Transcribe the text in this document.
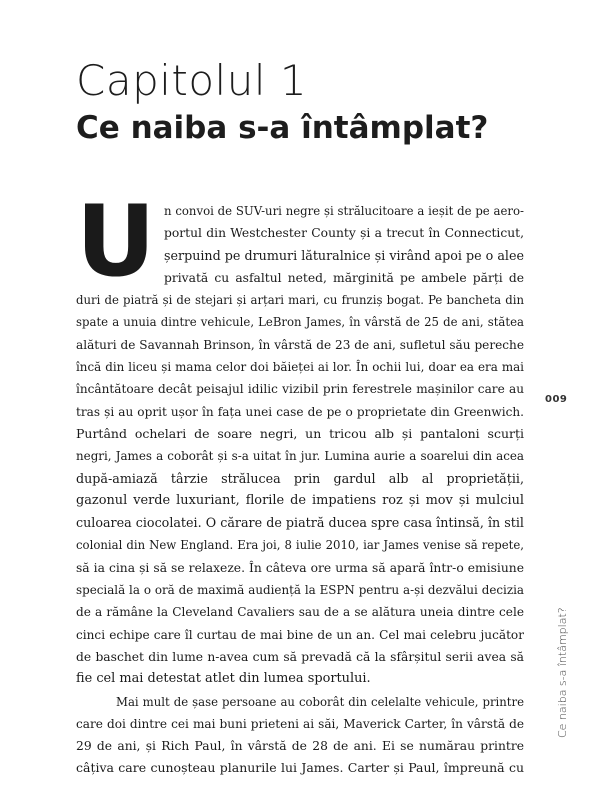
Capitolul 1
Ce naiba s-a întâmplat?
U n convoi de SUV-uri negre și strălucitoare a ieșit de pe aero-
portul din Westchester County și a trecut în Connecticut,
șerpuind pe drumuri lăturalnice și virând apoi pe o alee
privată cu asfaltul neted, mărginită pe ambele părți de
duri de piatră și de stejari și arțari mari, cu frunziș bogat. Pe bancheta din
spate a unuia dintre vehicule, LeBron James, în vârstă de 25 de ani, stătea
alături de Savannah Brinson, în vârstă de 23 de ani, sufletul său pereche
încă din liceu și mama celor doi băieței ai lor. În ochii lui, doar ea era mai
încântătoare decât peisajul idilic vizibil prin ferestrele mașinilor care au
tras și au oprit ușor în fața unei case de pe o proprietate din Greenwich.
Purtând ochelari de soare negri, un tricou alb și pantaloni scurți
negri, James a coborât și s-a uitat în jur. Lumina aurie a soarelui din acea
după-amiază târzie strălucea prin gardul alb al proprietății,
gazonul verde luxuriant, florile de impatiens roz și mov și mulciul
culoarea ciocolatei. O cărare de piatră ducea spre casa întinsă, în stil
colonial din New England. Era joi, 8 iulie 2010, iar James venise să repete,
să ia cina și să se relaxeze. În câteva ore urma să apară într-o emisiune
specială la o oră de maximă audiență la ESPN pentru a-și dezvălui decizia
de a rămâne la Cleveland Cavaliers sau de a se alătura uneia dintre cele
cinci echipe care îl curtau de mai bine de un an. Cel mai celebru jucător
de baschet din lume n-avea cum să prevadă că la sfârșitul serii avea să
fie cel mai detestat atlet din lumea sportului.
Mai mult de șase persoane au coborât din celelalte vehicule, printre
care doi dintre cei mai buni prieteni ai săi, Maverick Carter, în vârstă de
29 de ani, și Rich Paul, în vârstă de 28 de ani. Ei se numărau printre
câțiva care cunoșteau planurile lui James. Carter și Paul, împreună cu
009
Ce naiba s-a întâmplat?
